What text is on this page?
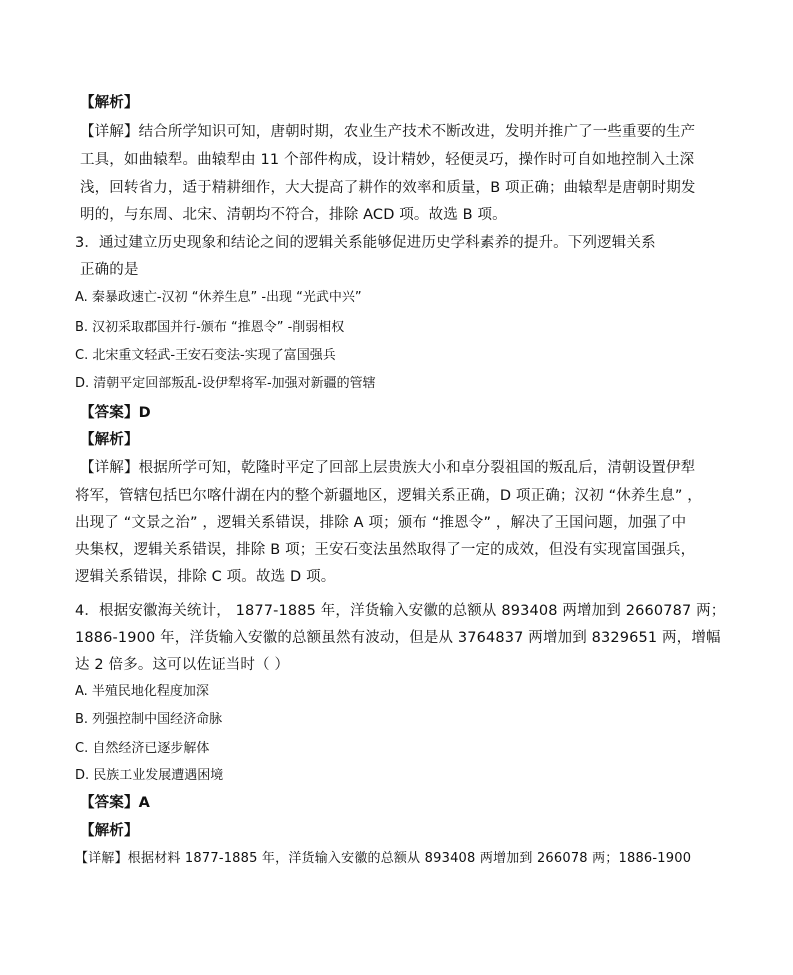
【解析】
【详解】结合所学知识可知，唐朝时期，农业生产技术不断改进，发明并推广了一些重要的生产
工具，如曲辕犁。曲辕犁由 11 个部件构成，设计精妙，轻便灵巧，操作时可自如地控制入土深
浅，回转省力，适于精耕细作，大大提高了耕作的效率和质量，B 项正确；曲辕犁是唐朝时期发
明的，与东周、北宋、清朝均不符合，排除 ACD 项。故选 B 项。
3．通过建立历史现象和结论之间的逻辑关系能够促进历史学科素养的提升。下列逻辑关系
正确的是
A. 秦暴政速亡-汉初 “休养生息” -出现 “光武中兴”
B. 汉初采取郡国并行-颁布 “推恩令” -削弱相权
C. 北宋重文轻武-王安石变法-实现了富国强兵
D. 清朝平定回部叛乱-设伊犁将军-加强对新疆的管辖
【答案】D
【解析】
【详解】根据所学可知，乾隆时平定了回部上层贵族大小和卓分裂祖国的叛乱后，清朝设置伊犁
将军，管辖包括巴尔喀什湖在内的整个新疆地区，逻辑关系正确，D 项正确；汉初 “休养生息” ，
出现了 “文景之治” ，逻辑关系错误，排除 A 项；颁布 “推恩令” ，解决了王国问题，加强了中
央集权，逻辑关系错误，排除 B 项；王安石变法虽然取得了一定的成效，但没有实现富国强兵，
逻辑关系错误，排除 C 项。故选 D 项。
4．根据安徽海关统计， 1877-1885 年，洋货输入安徽的总额从 893408 两增加到 2660787 两；
1886-1900 年，洋货输入安徽的总额虽然有波动，但是从 3764837 两增加到 8329651 两，增幅
达 2 倍多。这可以佐证当时（ ）
A. 半殖民地化程度加深
B. 列强控制中国经济命脉
C. 自然经济已逐步解体
D. 民族工业发展遭遇困境
【答案】A
【解析】
【详解】根据材料 1877-1885 年，洋货输入安徽的总额从 893408 两增加到 266078 两；1886-1900
